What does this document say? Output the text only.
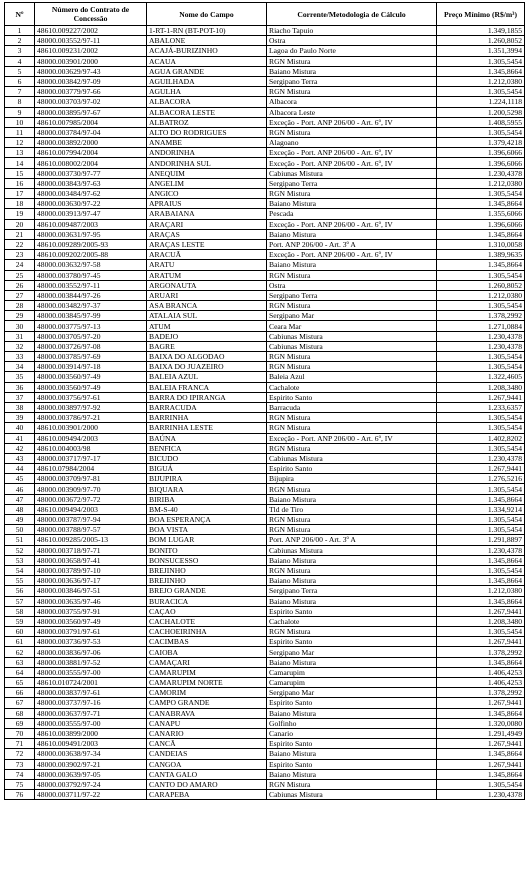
Nº	Número do Contrato de Concessão	Nome do Campo	Corrente/Metodologia de Cálculo	Preço Mínimo (R$/m³)
1	48610.009227/2002	1-RT-1-RN (BT-POT-10)	Riacho Tapuio	1.349,1855
2	48000.003552/97-11	ABALONE	Ostra	1.260,8052
3	48610.009231/2002	ACAJÁ-BURIZINHO	Lagoa do Paulo Norte	1.351,3994
4	48000.003901/2000	ACAUA	RGN Mistura	1.305,5454
5	48000.003629/97-43	AGUA GRANDE	Baiano Mistura	1.345,8664
6	48000.003842/97-09	AGUILHADA	Sergipano Terra	1.212,0380
7	48000.003779/97-66	AGULHA	RGN Mistura	1.305,5454
8	48000.003703/97-02	ALBACORA	Albacora	1.224,1118
9	48000.003895/97-67	ALBACORA LESTE	Albacora Leste	1.200,5298
10	48610.007985/2004	ALBATROZ	Exceção - Port. ANP 206/00 - Art. 6º, IV	1.408,5955
11	48000.003784/97-04	ALTO DO RODRIGUES	RGN Mistura	1.305,5454
12	48000.003892/2000	ANAMBE	Alagoano	1.379,4218
13	48610.007994/2004	ANDORINHA	Exceção - Port. ANP 206/00 - Art. 6º, IV	1.396,6066
14	48610.008002/2004	ANDORINHA SUL	Exceção - Port. ANP 206/00 - Art. 6º, IV	1.396,6066
15	48000.003730/97-77	ANEQUIM	Cabiunas Mistura	1.230,4378
16	48000.003843/97-63	ANGELIM	Sergipano Terra	1.212,0380
17	48000.003484/97-62	ANGICO	RGN Mistura	1.305,5454
18	48000.003630/97-22	APRAIUS	Baiano Mistura	1.345,8664
19	48000.003913/97-47	ARABAIANA	Pescada	1.355,6066
20	48610.009487/2003	ARAÇARI	Exceção - Port. ANP 206/00 - Art. 6º, IV	1.396,6066
21	48000.003631/97-95	ARAÇAS	Baiano Mistura	1.345,8664
22	48610.009289/2005-93	ARAÇAS LESTE	Port. ANP 206/00 - Art. 3º A	1.310,0058
23	48610.009202/2005-88	ARACUÃ	Exceção - Port. ANP 206/00 - Art. 6º, IV	1.389,9635
24	48000.003632/97-58	ARATU	Baiano Mistura	1.345,8664
25	48000.003780/97-45	ARATUM	RGN Mistura	1.305,5454
26	48000.003552/97-11	ARGONAUTA	Ostra	1.260,8052
27	48000.003844/97-26	ARUARI	Sergipano Terra	1.212,0380
28	48000.003482/97-37	ASA BRANCA	RGN Mistura	1.305,5454
29	48000.003845/97-99	ATALAIA SUL	Sergipano Mar	1.378,2992
30	48000.003775/97-13	ATUM	Ceara Mar	1.271,0884
31	48000.003705/97-20	BADEJO	Cabiunas Mistura	1.230,4378
32	48000.003726/97-08	BAGRE	Cabiunas Mistura	1.230,4378
33	48000.003785/97-69	BAIXA DO ALGODAO	RGN Mistura	1.305,5454
34	48000.003914/97-18	BAIXA DO JUAZEIRO	RGN Mistura	1.305,5454
35	48000.003560/97-49	BALEIA AZUL	Baleia Azul	1.322,4605
36	48000.003560/97-49	BALEIA FRANCA	Cachalote	1.208,3480
37	48000.003756/97-61	BARRA DO IPIRANGA	Espirito Santo	1.267,9441
38	48000.003897/97-92	BARRACUDA	Barracuda	1.233,6357
39	48000.003786/97-21	BARRINHA	RGN Mistura	1.305,5454
40	48610.003901/2000	BARRINHA LESTE	RGN Mistura	1.305,5454
41	48610.009494/2003	BAÚNA	Exceção - Port. ANP 206/00 - Art. 6º, IV	1.402,8202
42	48610.004003/98	BENFICA	RGN Mistura	1.305,5454
43	48000.003717/97-17	BICUDO	Cabiunas Mistura	1.230,4378
44	48610.07984/2004	BIGUÁ	Espirito Santo	1.267,9441
45	48000.003709/97-81	BIJUPIRA	Bijupira	1.276,5216
46	48000.003909/97-70	BIQUARA	RGN Mistura	1.305,5454
47	48000.003672/97-72	BIRIBA	Baiano Mistura	1.345,8664
48	48610.009494/2003	BM-S-40	Tld de Tiro	1.334,9214
49	48000.003787/97-94	BOA ESPERANÇA	RGN Mistura	1.305,5454
50	48000.003788/97-57	BOA VISTA	RGN Mistura	1.305,5454
51	48610.009285/2005-13	BOM LUGAR	Port. ANP 206/00 - Art. 3º A	1.291,8897
52	48000.003718/97-71	BONITO	Cabiunas Mistura	1.230,4378
53	48000.003658/97-41	BONSUCESSO	Baiano Mistura	1.345,8664
54	48000.003789/97-10	BREJINHO	RGN Mistura	1.305,5454
55	48000.003636/97-17	BREJINHO	Baiano Mistura	1.345,8664
56	48000.003846/97-51	BREJO GRANDE	Sergipano Terra	1.212,0380
57	48000.003635/97-46	BURACICA	Baiano Mistura	1.345,8664
58	48000.003755/97-91	CAÇAO	Espirito Santo	1.267,9441
59	48000.003560/97-49	CACHALOTE	Cachalote	1.208,3480
60	48000.003791/97-61	CACHOEIRINHA	RGN Mistura	1.305,5454
61	48000.003736/97-53	CACIMBAS	Espirito Santo	1.267,9441
62	48000.003836/97-06	CAIOBA	Sergipano Mar	1.378,2992
63	48000.003881/97-52	CAMAÇARI	Baiano Mistura	1.345,8664
64	48000.003555/97-00	CAMARUPIM	Camarupim	1.406,4253
65	48610.010724/2001	CAMARUPIM NORTE	Camarupim	1.406,4253
66	48000.003837/97-61	CAMORIM	Sergipano Mar	1.378,2992
67	48000.003737/97-16	CAMPO GRANDE	Espirito Santo	1.267,9441
68	48000.003637/97-71	CANABRAVA	Baiano Mistura	1.345,8664
69	48000.003555/97-00	CANAPU	Golfinho	1.320,0080
70	48610.003899/2000	CANARIO	Canario	1.291,4949
71	48610.009491/2003	CANCÃ	Espirito Santo	1.267,9441
72	48000.003638/97-34	CANDEIAS	Baiano Mistura	1.345,8664
73	48000.003902/97-21	CANGOA	Espirito Santo	1.267,9441
74	48000.003639/97-05	CANTA GALO	Baiano Mistura	1.345,8664
75	48000.003792/97-24	CANTO DO AMARO	RGN Mistura	1.305,5454
76	48000.003711/97-22	CARAPEBA	Cabiunas Mistura	1.230,4378
